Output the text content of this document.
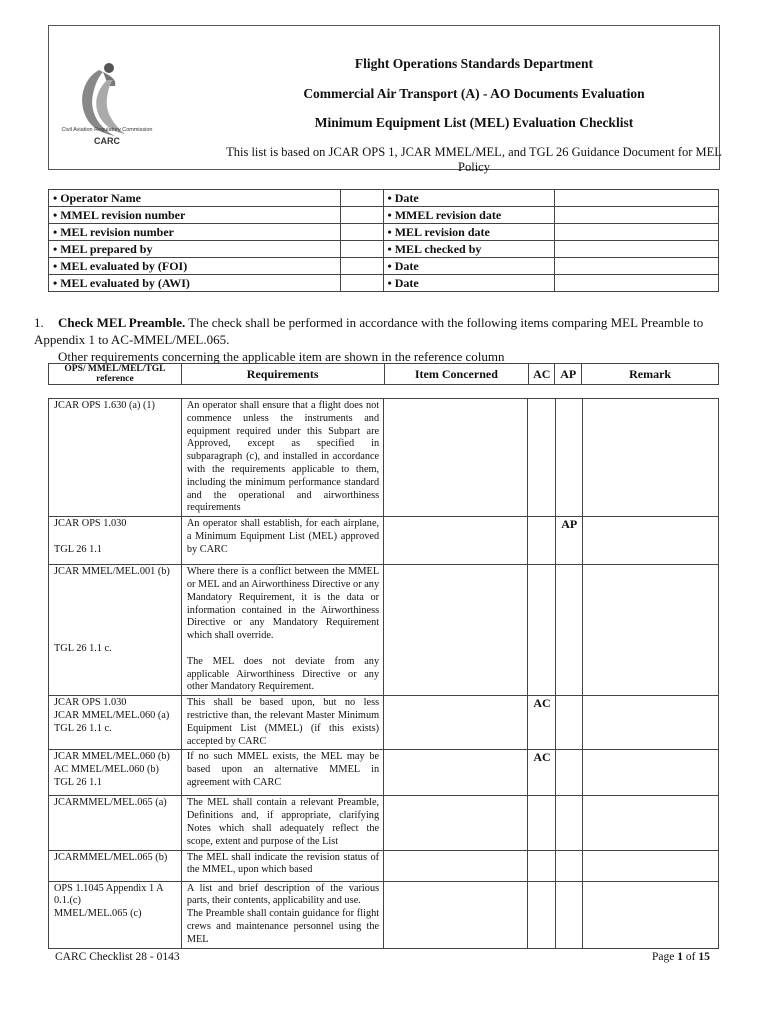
CARC
Civil Aviation Regulatory Commission
Flight Operations Standards Department
Commercial Air Transport (A) - AO Documents Evaluation
Minimum Equipment List (MEL) Evaluation Checklist
This list is based on JCAR OPS 1, JCAR MMEL/MEL, and TGL 26 Guidance Document for MEL Policy
• Operator Name		• Date	
• MMEL revision number		• MMEL revision date	
• MEL revision number		• MEL revision date	
• MEL prepared by		• MEL checked by	
• MEL evaluated by (FOI)		• Date	
• MEL evaluated by (AWI)		• Date	
1. Check MEL Preamble. The check shall be performed in accordance with the following items comparing MEL Preamble to Appendix 1 to AC-MMEL/MEL.065.
Other requirements concerning the applicable item are shown in the reference column
OPS/ MMEL/MEL/TGL reference	Requirements	Item Concerned	AC	AP	Remark
JCAR OPS 1.630 (a) (1)	An operator shall ensure that a flight does not commence unless the instruments and equipment required under this Subpart are Approved, except as specified in subparagraph (c), and installed in accordance with the requirements applicable to them, including the minimum performance standard and the operational and airworthiness requirements				
JCAR OPS 1.030

TGL 26 1.1	An operator shall establish, for each airplane, a Minimum Equipment List (MEL) approved by CARC			AP	
JCAR MMEL/MEL.001 (b)

TGL 26 1.1 c.	Where there is a conflict between the MMEL or MEL and an Airworthiness Directive or any Mandatory Requirement, it is the data or information contained in the Airworthiness Directive or any Mandatory Requirement which shall override.

The MEL does not deviate from any applicable Airworthiness Directive or any other Mandatory Requirement.				
JCAR OPS 1.030
JCAR MMEL/MEL.060 (a)
TGL 26 1.1 c.	This shall be based upon, but no less restrictive than, the relevant Master Minimum Equipment List (MMEL) (if this exists) accepted by CARC		AC		
JCAR MMEL/MEL.060 (b)
AC MMEL/MEL.060 (b)
TGL 26 1.1	If no such MMEL exists, the MEL may be based upon an alternative MMEL in agreement with CARC		AC		
JCARMMEL/MEL.065 (a)	The MEL shall contain a relevant Preamble, Definitions and, if appropriate, clarifying Notes which shall adequately reflect the scope, extent and purpose of the List				
JCARMMEL/MEL.065 (b)	The MEL shall indicate the revision status of the MMEL, upon which based				
OPS 1.1045 Appendix 1 A 0.1.(c)
MMEL/MEL.065 (c)	A list and brief description of the various parts, their contents, applicability and use.
The Preamble shall contain guidance for flight crews and maintenance personnel using the MEL				
CARC Checklist 28 - 0143	Page 1 of 15
